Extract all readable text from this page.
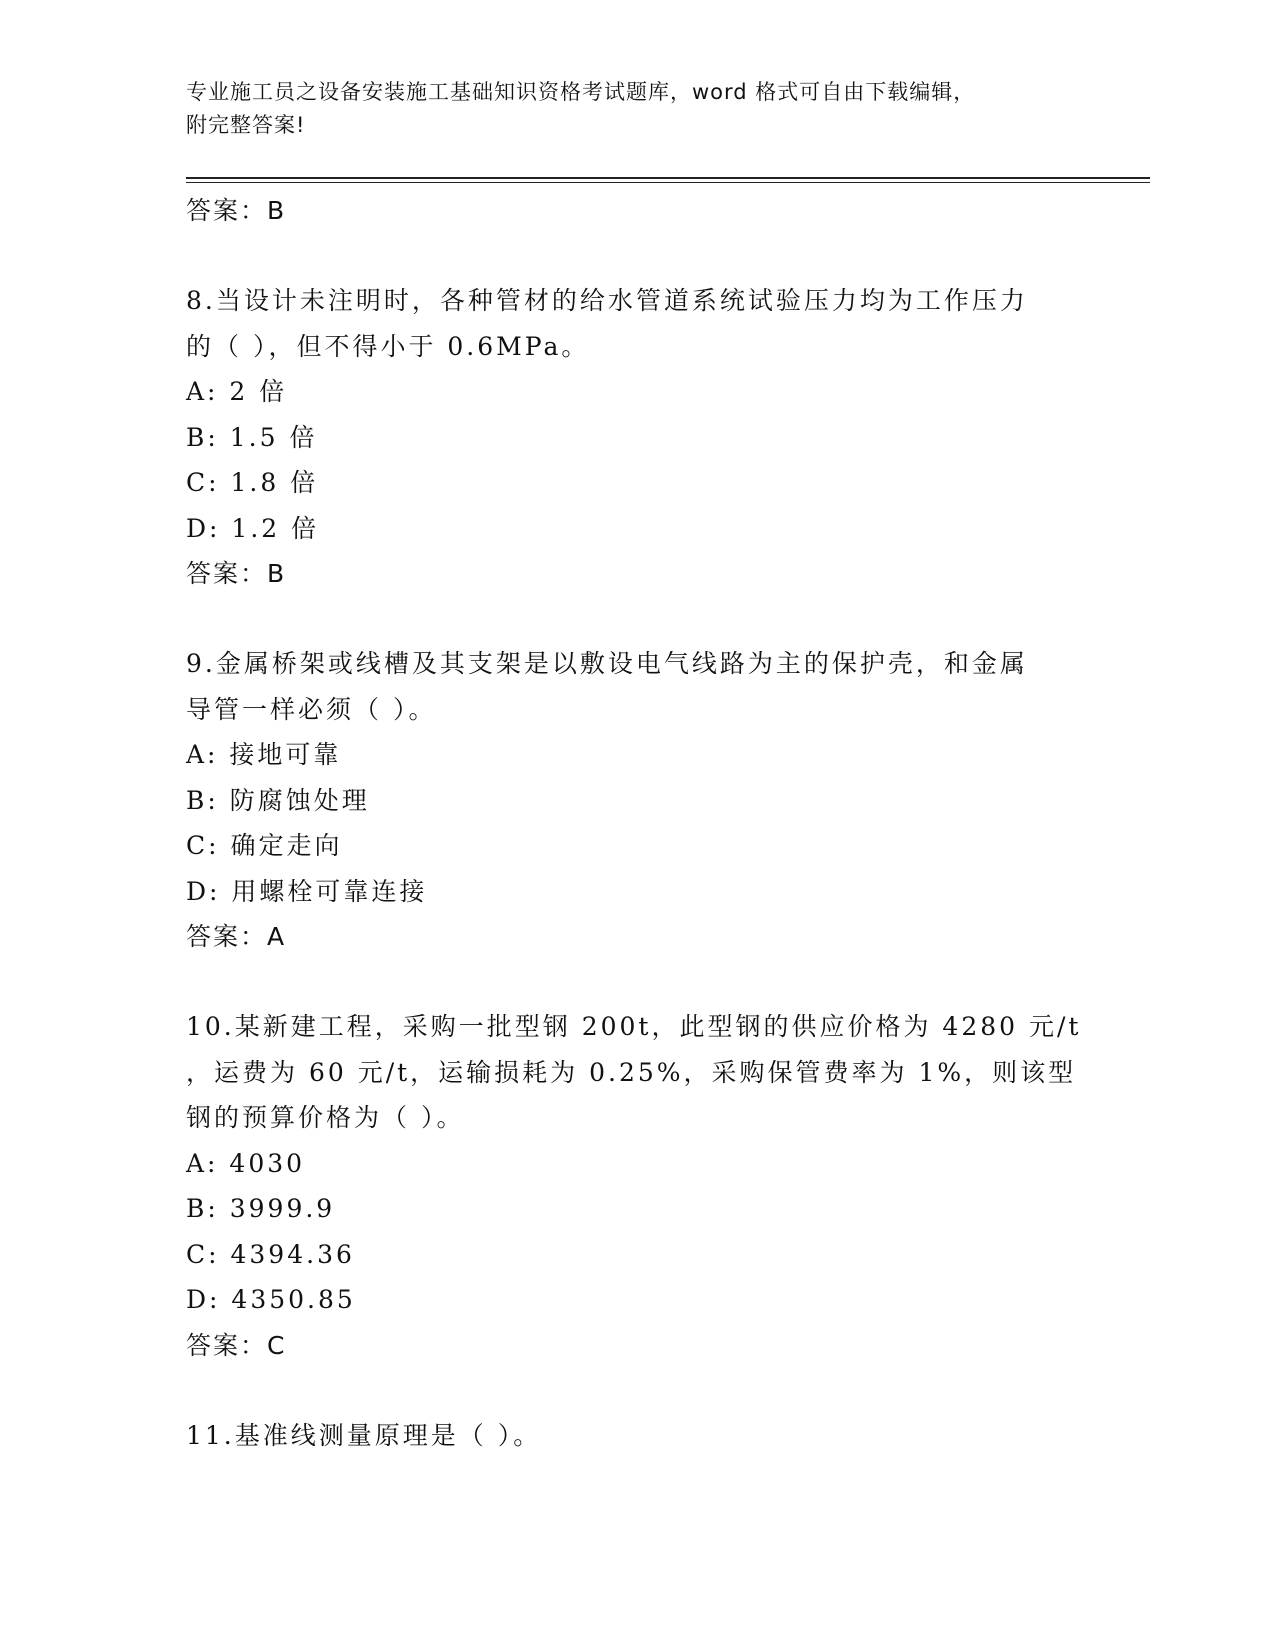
专业施工员之设备安装施工基础知识资格考试题库，word 格式可自由下载编辑，
附完整答案!
答案：B
8.当设计未注明时，各种管材的给水管道系统试验压力均为工作压力
的（ ），但不得小于 0.6MPa。
A: 2 倍
B: 1.5 倍
C: 1.8 倍
D: 1.2 倍
答案：B
9.金属桥架或线槽及其支架是以敷设电气线路为主的保护壳，和金属
导管一样必须（ ）。
A: 接地可靠
B: 防腐蚀处理
C: 确定走向
D: 用螺栓可靠连接
答案：A
10.某新建工程，采购一批型钢 200t，此型钢的供应价格为 4280 元/t
，运费为 60 元/t，运输损耗为 0.25%，采购保管费率为 1%，则该型
钢的预算价格为（ ）。
A: 4030
B: 3999.9
C: 4394.36
D: 4350.85
答案：C
11.基准线测量原理是（ ）。
